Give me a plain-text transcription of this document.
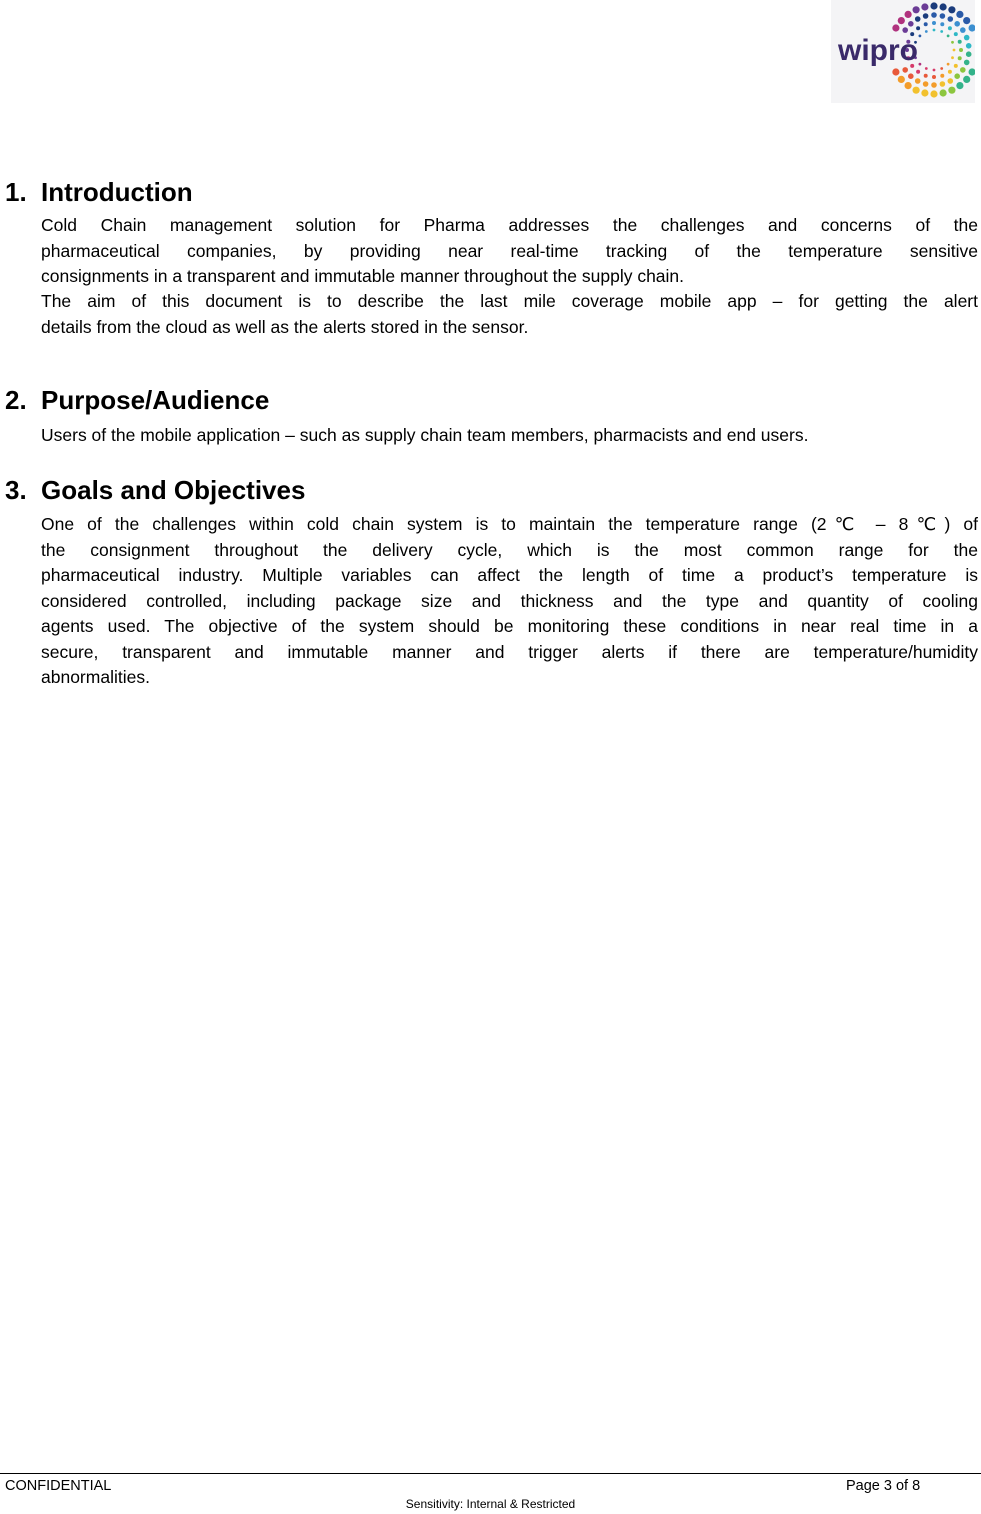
wipro
1. Introduction

Cold Chain management solution for Pharma addresses the challenges and concerns of the
pharmaceutical companies, by providing near real-time tracking of the temperature sensitive
consignments in a transparent and immutable manner throughout the supply chain.

The aim of this document is to describe the last mile coverage mobile app – for getting the alert
details from the cloud as well as the alerts stored in the sensor.

2. Purpose/Audience

Users of the mobile application – such as supply chain team members, pharmacists and end users.

3. Goals and Objectives

One of the challenges within cold chain system is to maintain the temperature range (2℃ – 8℃) of
the consignment throughout the delivery cycle, which is the most common range for the
pharmaceutical industry. Multiple variables can affect the length of time a product’s temperature is
considered controlled, including package size and thickness and the type and quantity of cooling
agents used. The objective of the system should be monitoring these conditions in near real time in a
secure, transparent and immutable manner and trigger alerts if there are temperature/humidity
abnormalities.

CONFIDENTIAL	Page 3 of 8
Sensitivity: Internal & Restricted
